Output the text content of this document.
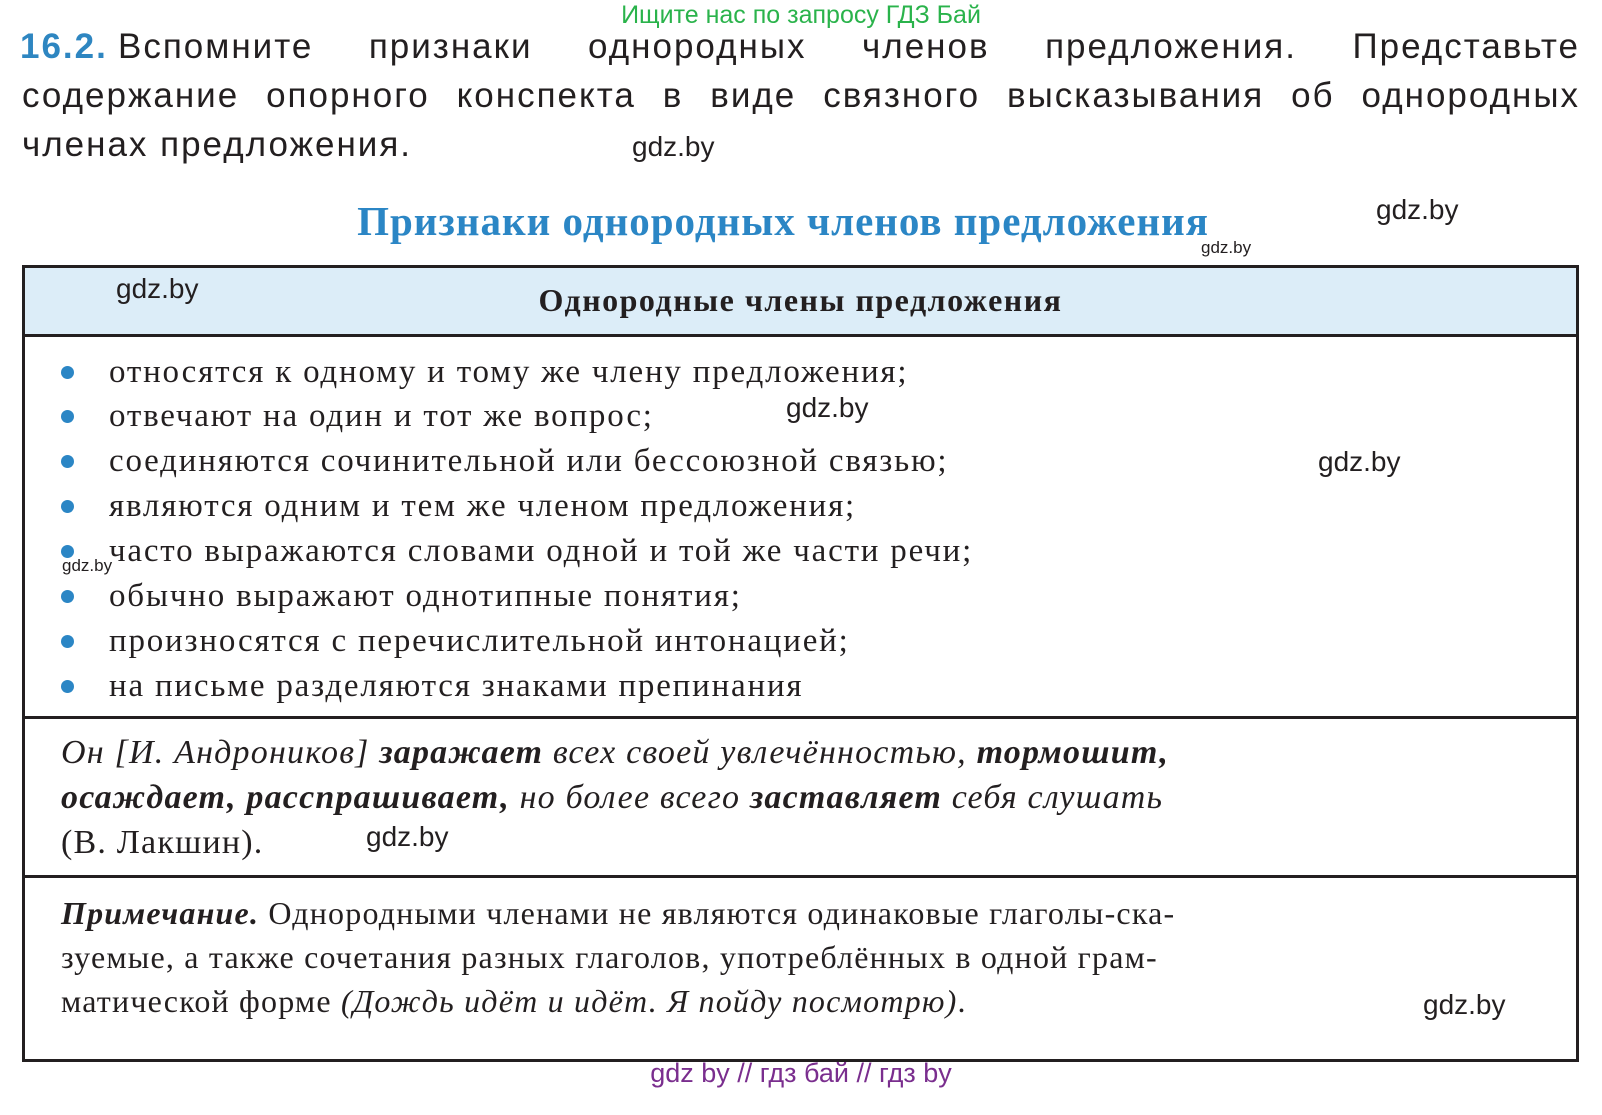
Ищите нас по запросу ГДЗ Бай
16.2. Вспомните признаки однородных членов предложения. Представьте
содержание опорного конспекта в виде связного высказывания об однородных
членах предложения.	gdz.by
gdz.by
gdz.by
Признаки однородных членов предложения
Однородные члены предложения
относятся к одному и тому же члену предложения;
отвечают на один и тот же вопрос;
соединяются сочинительной или бессоюзной связью;
являются одним и тем же членом предложения;
часто выражаются словами одной и той же части речи;
обычно выражают однотипные понятия;
произносятся с перечислительной интонацией;
на письме разделяются знаками препинания
Он [И. Андроников] заражает всех своей увлечённостью, тормошит,
осаждает, расспрашивает, но более всего заставляет себя слушать
(В. Лакшин).
Примечание. Однородными членами не являются одинаковые глаголы-ска-
зуемые, а также сочетания разных глаголов, употреблённых в одной грам-
матической форме (Дождь идёт и идёт. Я пойду посмотрю).
gdz.by
gdz.by
gdz.by
gdz.by
gdz.by
gdz.by
gdz by // гдз бай // гдз by
